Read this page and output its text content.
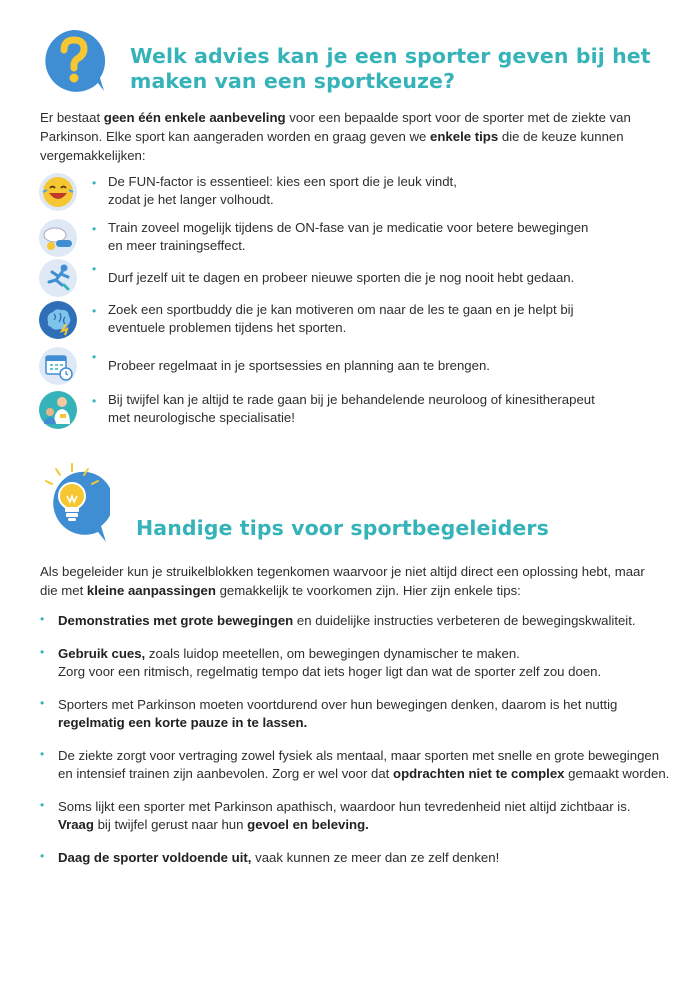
Welk advies kan je een sporter geven bij het
maken van een sportkeuze?

Er bestaat geen één enkele aanbeveling voor een bepaalde sport voor de sporter met de ziekte van Parkinson. Elke sport kan aangeraden worden en graag geven we enkele tips die de keuze kunnen vergemakkelijken:

• De FUN-factor is essentieel: kies een sport die je leuk vindt,
zodat je het langer volhoudt.
• Train zoveel mogelijk tijdens de ON-fase van je medicatie voor betere bewegingen
en meer trainingseffect.
•
Durf jezelf uit te dagen en probeer nieuwe sporten die je nog nooit hebt gedaan.
• Zoek een sportbuddy die je kan motiveren om naar de les te gaan en je helpt bij
eventuele problemen tijdens het sporten.
•
Probeer regelmaat in je sportsessies en planning aan te brengen.
• Bij twijfel kan je altijd te rade gaan bij je behandelende neuroloog of kinesitherapeut
met neurologische specialisatie!
Handige tips voor sportbegeleiders

Als begeleider kun je struikelblokken tegenkomen waarvoor je niet altijd direct een oplossing hebt, maar die met kleine aanpassingen gemakkelijk te voorkomen zijn. Hier zijn enkele tips:

• Demonstraties met grote bewegingen en duidelijke instructies verbeteren de bewegingskwaliteit.
• Gebruik cues, zoals luidop meetellen, om bewegingen dynamischer te maken.
Zorg voor een ritmisch, regelmatig tempo dat iets hoger ligt dan wat de sporter zelf zou doen.
• Sporters met Parkinson moeten voortdurend over hun bewegingen denken, daarom is het nuttig regelmatig een korte pauze in te lassen.
• De ziekte zorgt voor vertraging zowel fysiek als mentaal, maar sporten met snelle en grote bewegingen en intensief trainen zijn aanbevolen. Zorg er wel voor dat opdrachten niet te complex gemaakt worden.
• Soms lijkt een sporter met Parkinson apathisch, waardoor hun tevredenheid niet altijd zichtbaar is. Vraag bij twijfel gerust naar hun gevoel en beleving.
• Daag de sporter voldoende uit, vaak kunnen ze meer dan ze zelf denken!
